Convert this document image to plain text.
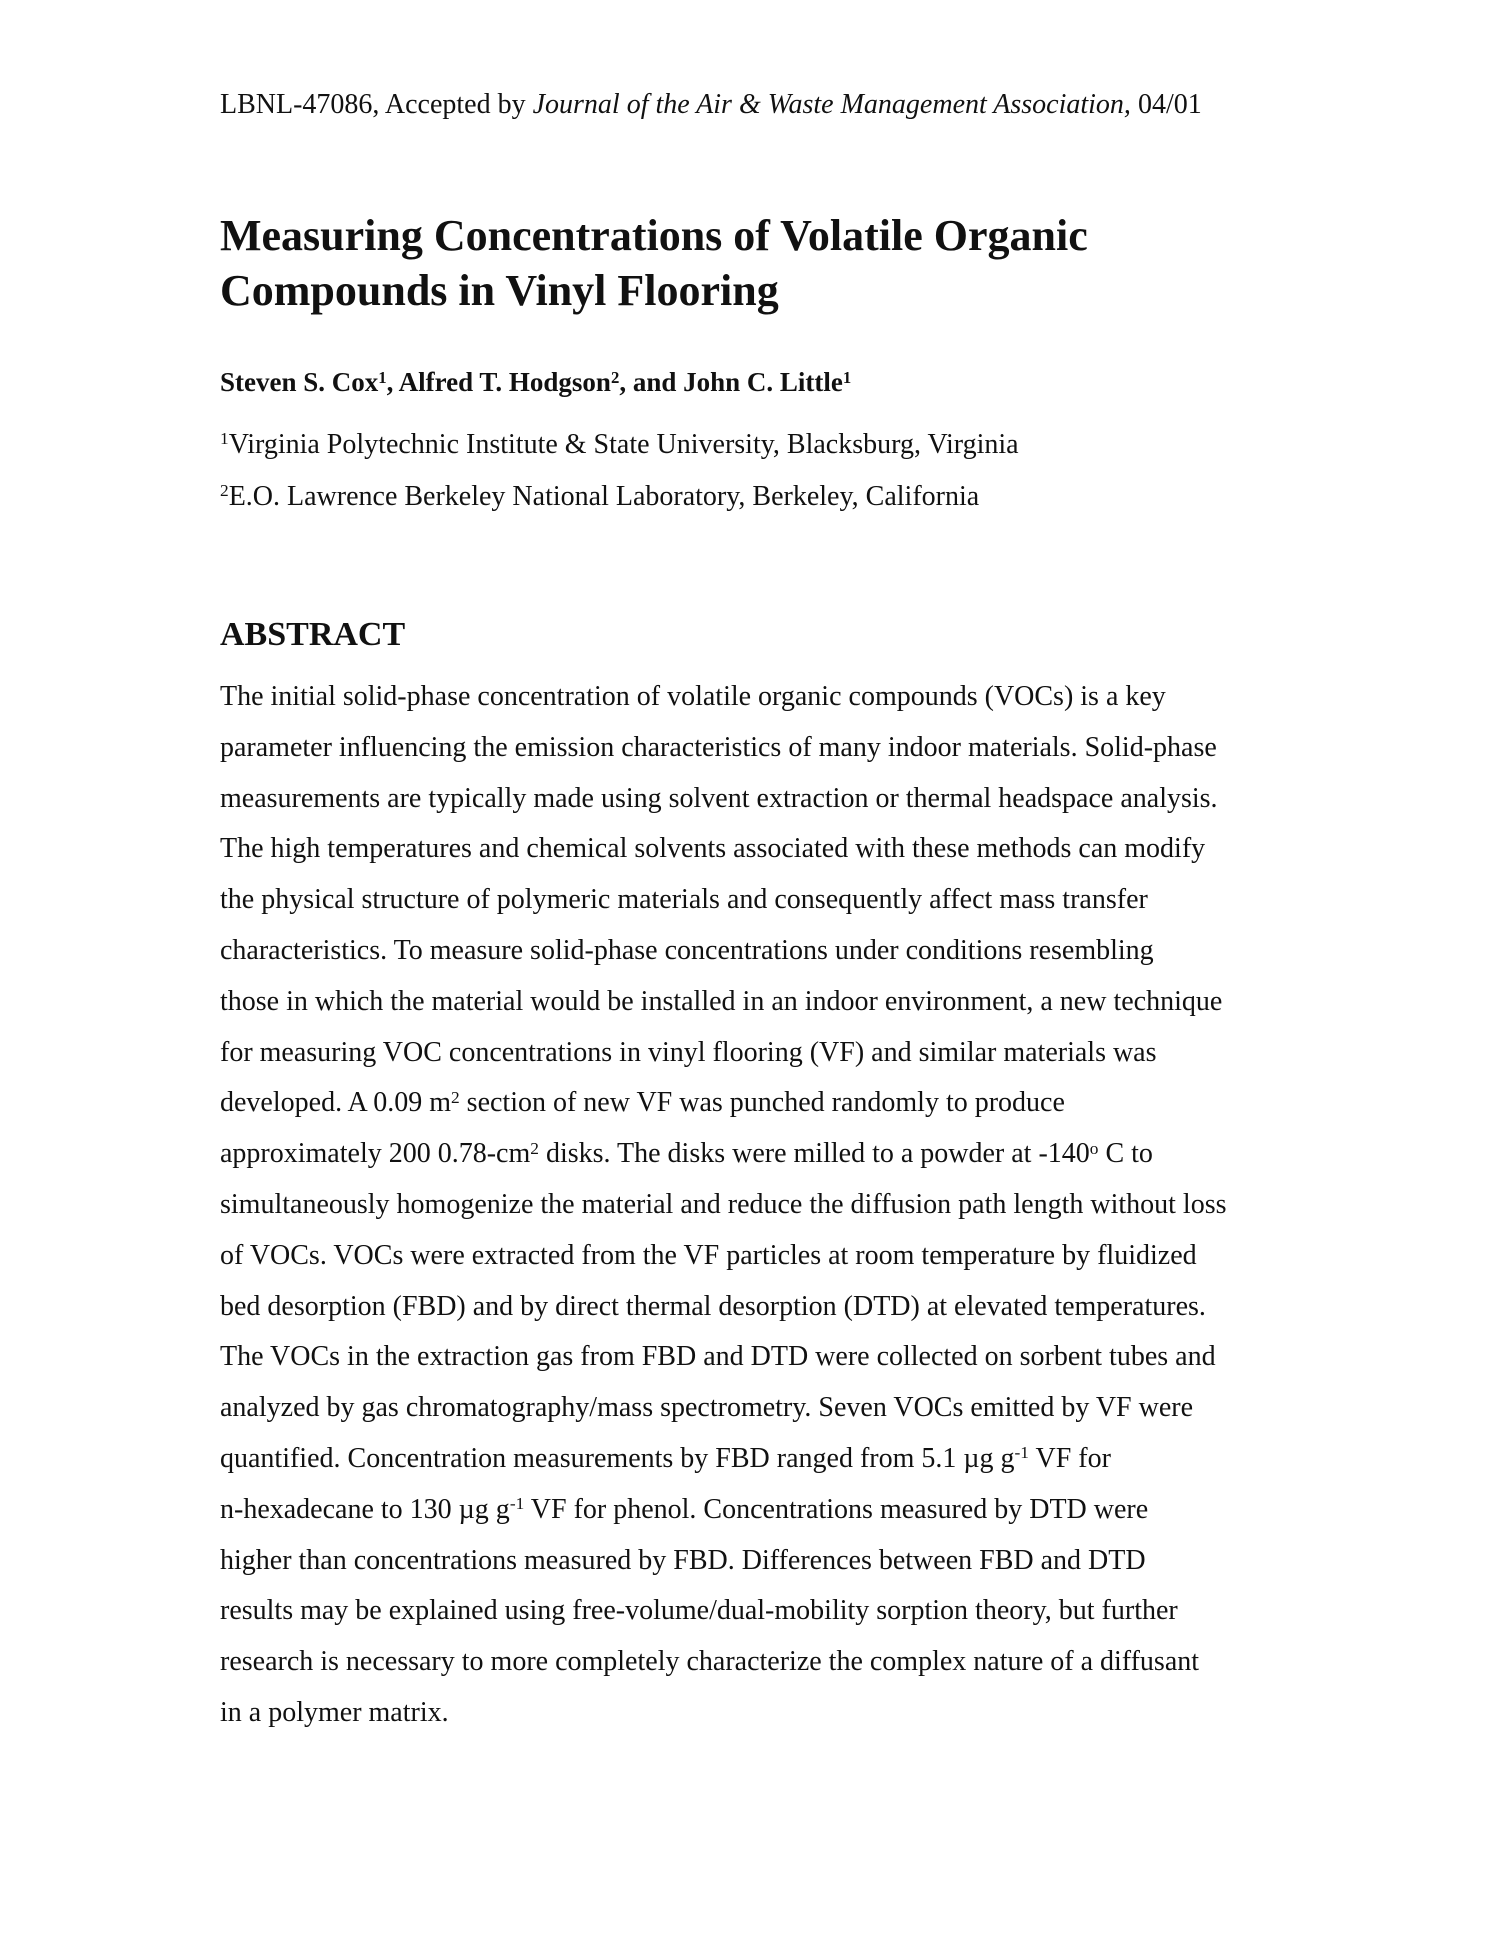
LBNL-47086, Accepted by Journal of the Air & Waste Management Association, 04/01
Measuring Concentrations of Volatile Organic
Compounds in Vinyl Flooring
Steven S. Cox$^1$, Alfred T. Hodgson$^2$, and John C. Little$^1$
$^1$Virginia Polytechnic Institute & State University, Blacksburg, Virginia
$^2$E.O. Lawrence Berkeley National Laboratory, Berkeley, California
ABSTRACT
The initial solid-phase concentration of volatile organic compounds (VOCs) is a key
parameter influencing the emission characteristics of many indoor materials. Solid-phase
measurements are typically made using solvent extraction or thermal headspace analysis.
The high temperatures and chemical solvents associated with these methods can modify
the physical structure of polymeric materials and consequently affect mass transfer
characteristics. To measure solid-phase concentrations under conditions resembling
those in which the material would be installed in an indoor environment, a new technique
for measuring VOC concentrations in vinyl flooring (VF) and similar materials was
developed. A 0.09 $m^2$ section of new VF was punched randomly to produce
approximately 200 $0.78-cm^2$ disks. The disks were milled to a powder at -140$^o$ C to
simultaneously homogenize the material and reduce the diffusion path length without loss
of VOCs. VOCs were extracted from the VF particles at room temperature by fluidized
bed desorption (FBD) and by direct thermal desorption (DTD) at elevated temperatures.
The VOCs in the extraction gas from FBD and DTD were collected on sorbent tubes and
analyzed by gas chromatography/mass spectrometry. Seven VOCs emitted by VF were
quantified. Concentration measurements by FBD ranged from 5.1 µg $g^{-1}$ VF for
n-hexadecane to 130 µg $g^{-1}$ VF for phenol. Concentrations measured by DTD were
higher than concentrations measured by FBD. Differences between FBD and DTD
results may be explained using free-volume/dual-mobility sorption theory, but further
research is necessary to more completely characterize the complex nature of a diffusant
in a polymer matrix.
